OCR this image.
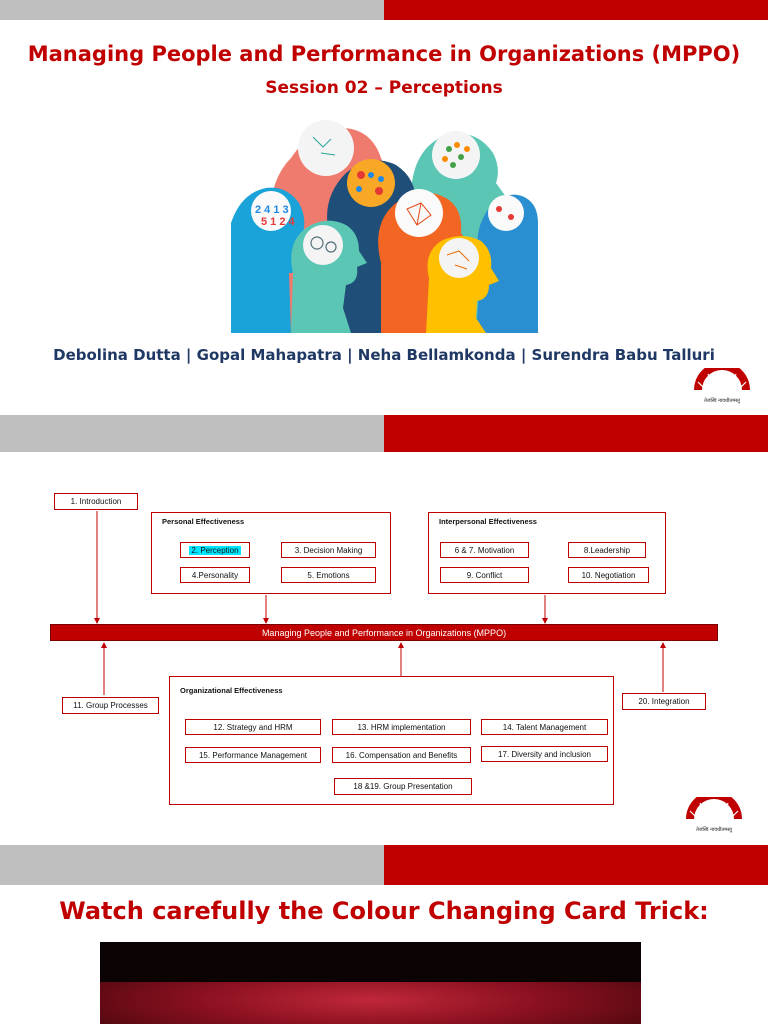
Managing People and Performance in Organizations (MPPO)
Session 02 – Perceptions
2 4 1 3
5 1 2 4
Debolina Dutta | Gopal Mahapatra | Neha Bellamkonda | Surendra Babu Talluri
IIMB
तेजस्वि नावधीतमस्तु
1. Introduction
Personal Effectiveness
2. Perception	3. Decision Making
4.Personality	5. Emotions
Interpersonal Effectiveness
6 & 7. Motivation	8.Leadership
9. Conflict	10. Negotiation
Managing People and Performance in Organizations (MPPO)
11. Group Processes	20. Integration
Organizational Effectiveness
12. Strategy and HRM	13. HRM implementation	14. Talent Management
15. Performance Management	16. Compensation and Benefits	17. Diversity and inclusion
18 &19. Group Presentation
IIMB
तेजस्वि नावधीतमस्तु
Watch carefully the Colour Changing Card Trick:
